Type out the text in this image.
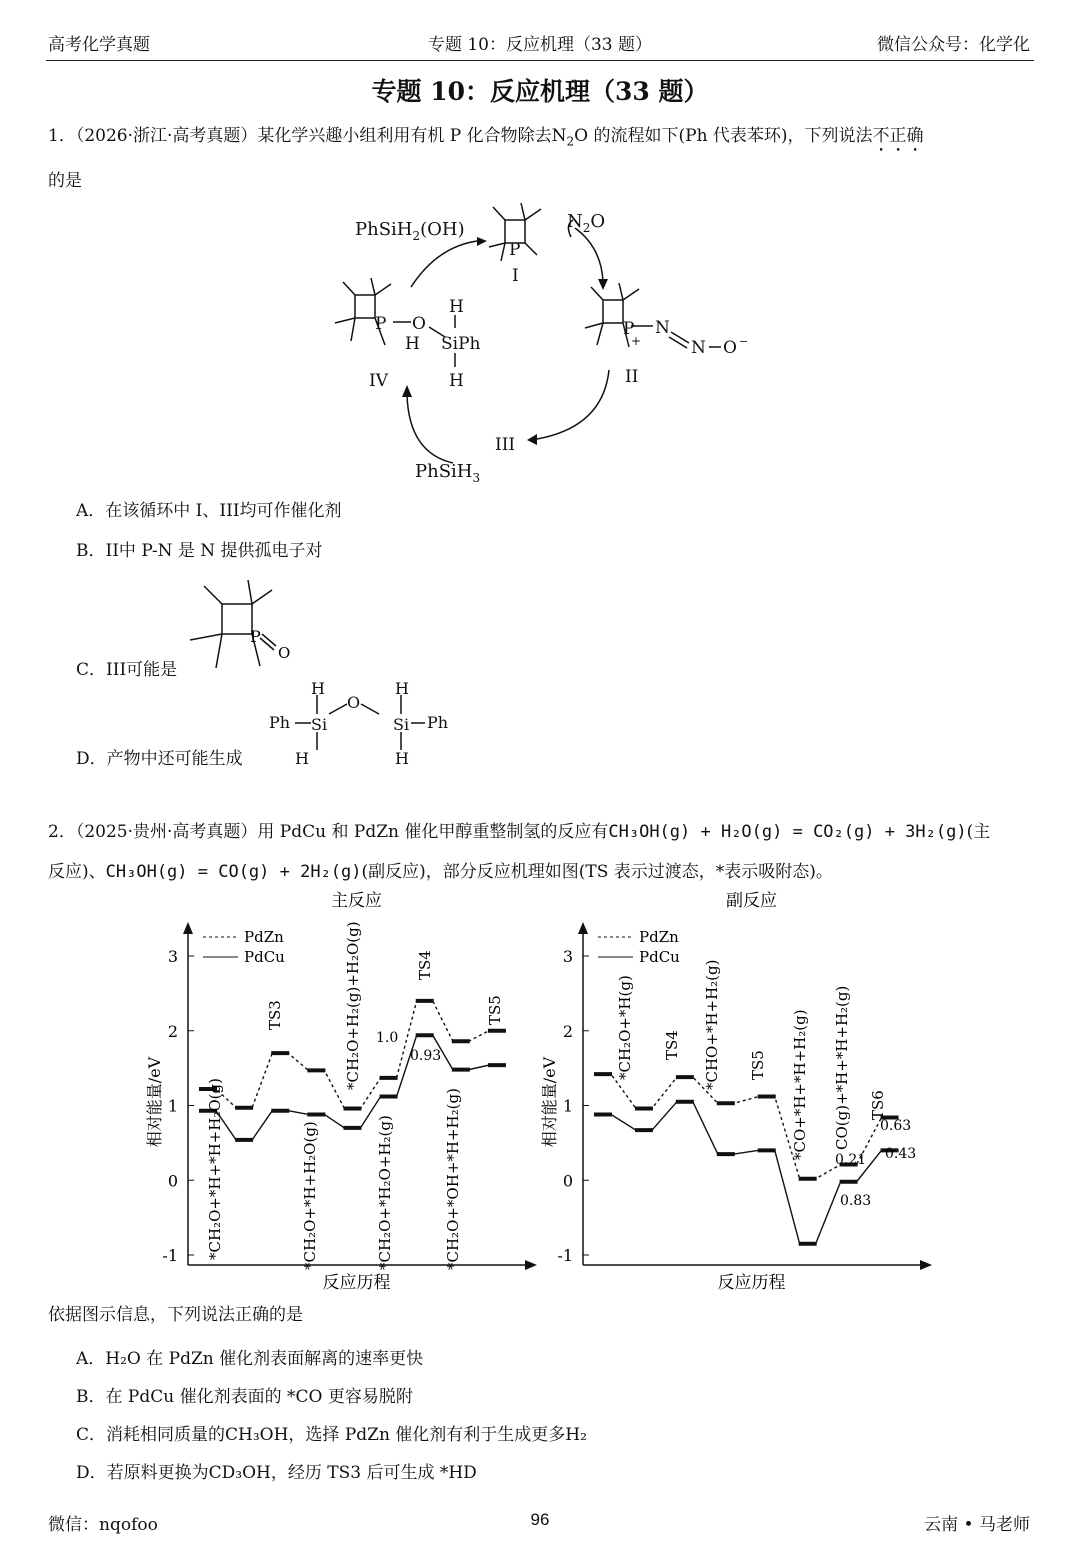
高考化学真题	专题 10：反应机理（33 题）	微信公众号：化学化
专题 10：反应机理（33 题）
1．（2026·浙江·高考真题）某化学兴趣小组利用有机 P 化合物除去$N_2O$ 的流程如下(Ph 代表苯环)，下列说法不正确
的是
PhSiH$_2$(OH)	$N_2O$
P
I
P
+
N
N O −
II
III
PhSiH$_3$
P O
H
H
SiPh
H
IV
A．在该循环中 I、III均可作催化剂
B．II中 P-N 是 N 提供孤电子对
P
O
C．III可能是
Ph
H
Si
H
O
Si
H
H
Ph
D．产物中还可能生成
2．（2025·贵州·高考真题）用 PdCu 和 PdZn 催化甲醇重整制氢的反应有CH₃OH(g) + H₂O(g) = CO₂(g) + 3H₂(g)(主
反应)、CH₃OH(g) = CO(g) + 2H₂(g)(副反应)，部分反应机理如图(TS 表示过渡态，*表示吸附态)。
主反应
-1
0
1
2
3
反应历程
相对能量/eV
PdZn
PdCu
*CH₂O+*H+*H+H₂O(g)
TS3
*CH₂O+*H+H₂O(g)
*CH₂O+H₂(g)+H₂O(g)
*CH₂O+*H₂O+H₂(g)
TS4
*CH₂O+*OH+*H+H₂(g)
TS5
1.0
0.93
副反应
-1
0
1
2
3
反应历程
相对能量/eV
PdZn
PdCu
*CH₂O+*H(g) TS4 *CHO+*H+H₂(g) TS5 *CO+*H+*H+H₂(g) CO(g)+*H+*H+H₂(g) TS6
0.63
0.21 0.43
0.83
依据图示信息，下列说法正确的是
A．H₂O 在 PdZn 催化剂表面解离的速率更快
B．在 PdCu 催化剂表面的 *CO 更容易脱附
C．消耗相同质量的CH₃OH，选择 PdZn 催化剂有利于生成更多H₂
D．若原料更换为CD₃OH，经历 TS3 后可生成 *HD
微信：nqofoo	96	云南 • 马老师
